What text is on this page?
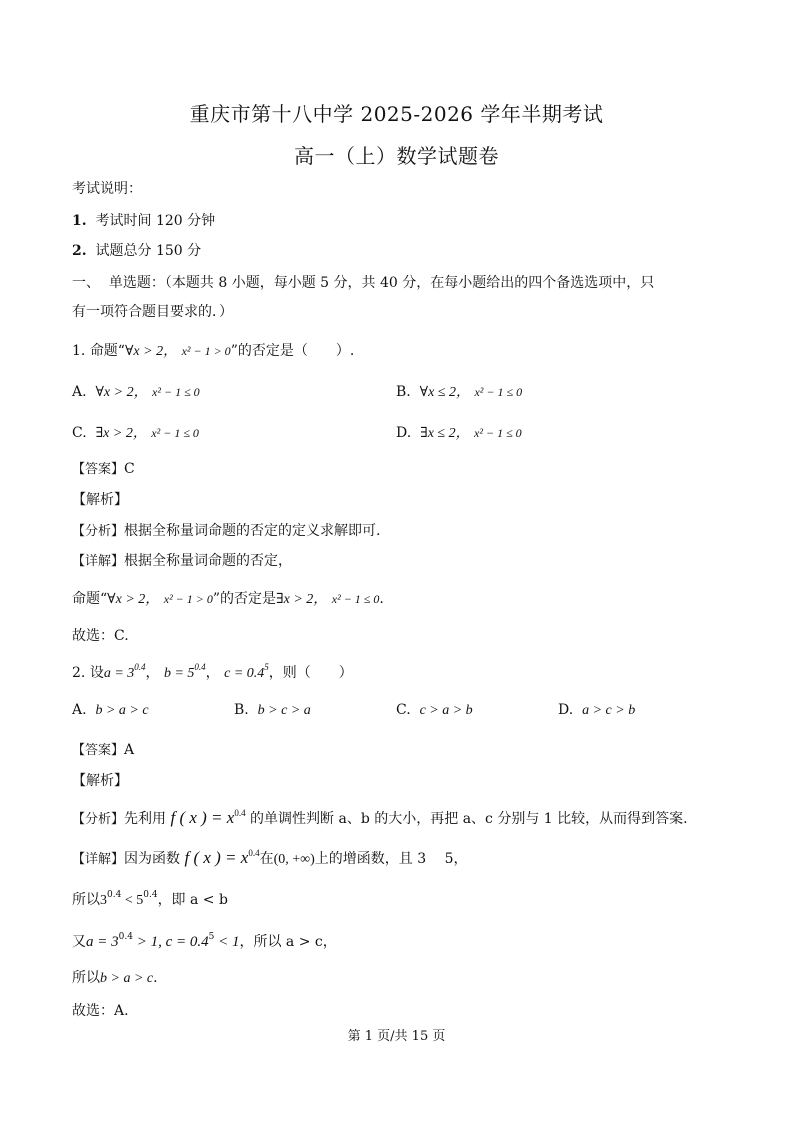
重庆市第十八中学 2025-2026 学年半期考试
高一（上）数学试题卷
考试说明：
1. 考试时间 120 分钟
2. 试题总分 150 分
一、 单选题：（本题共 8 小题，每小题 5 分，共 40 分，在每小题给出的四个备选选项中，只
有一项符合题目要求的．）
1. 命题“∀x > 2， x² − 1 > 0”的否定是（　　）.
A. ∀x > 2， x² − 1 ≤ 0	B. ∀x ≤ 2， x² − 1 ≤ 0
C. ∃x > 2， x² − 1 ≤ 0	D. ∃x ≤ 2， x² − 1 ≤ 0
【答案】C
【解析】
【分析】根据全称量词命题的否定的定义求解即可.
【详解】根据全称量词命题的否定，
命题“∀x > 2， x² − 1 > 0”的否定是∃x > 2， x² − 1 ≤ 0.
故选：C.
2. 设$a = 3^{0.4}$， $b = 5^{0.4}$， $c = 0.4^5$，则（　　）
A. b > a > c	B. b > c > a	C. c > a > b	D. a > c > b
【答案】A
【解析】
【分析】先利用 f ( x ) = $x^{0.4}$ 的单调性判断 a、b 的大小，再把 a、c 分别与 1 比较，从而得到答案.
【详解】因为函数 f ( x ) = $x^{0.4}$在(0, +∞)上的增函数，且 3　 5，
所以$3^{0.4} < 5^{0.4}$，即 a < b
又$a = 3^{0.4} > 1$, $c = 0.4^5 < 1$，所以 a > c，
所以b > a > c.
故选：A.
第 1 页/共 15 页
